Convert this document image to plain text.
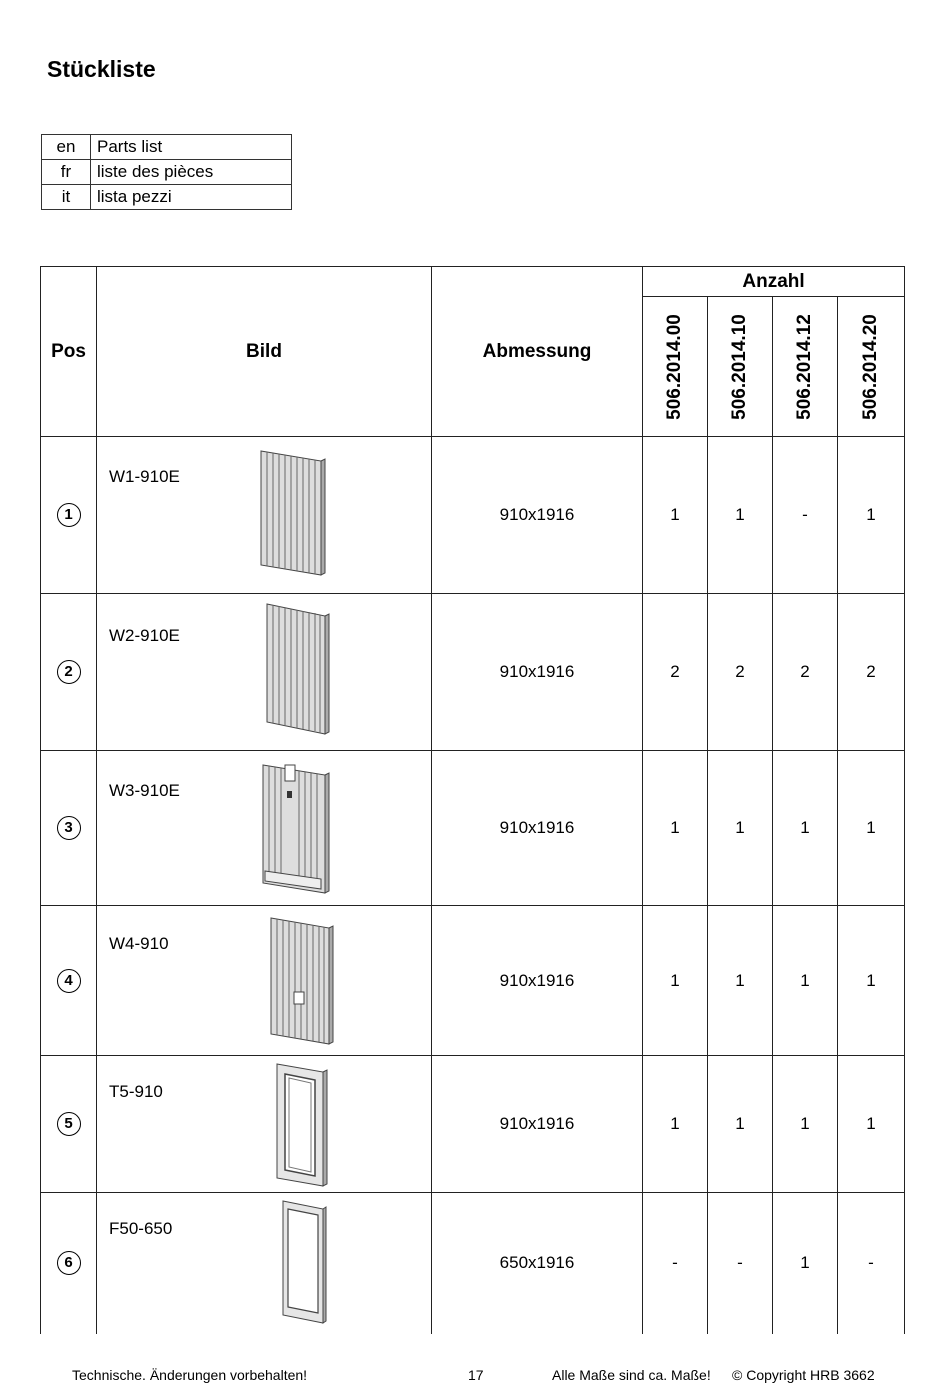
Stückliste
en	Parts list
fr	liste des pièces
it	lista pezzi
Pos	Bild	Abmessung	Anzahl			

			506.2014.00	506.2014.10	506.2014.12	506.2014.20

1	W1-910E	910x1916	1	1	-	1
2	W2-910E	910x1916	2	2	2	2
3	W3-910E	910x1916	1	1	1	1
4	W4-910	910x1916	1	1	1	1
5	T5-910	910x1916	1	1	1	1
6	F50-650	650x1916	-	-	1	-
Technische. Änderungen vorbehalten!	17	Alle Maße sind ca. Maße! © Copyright HRB 3662
